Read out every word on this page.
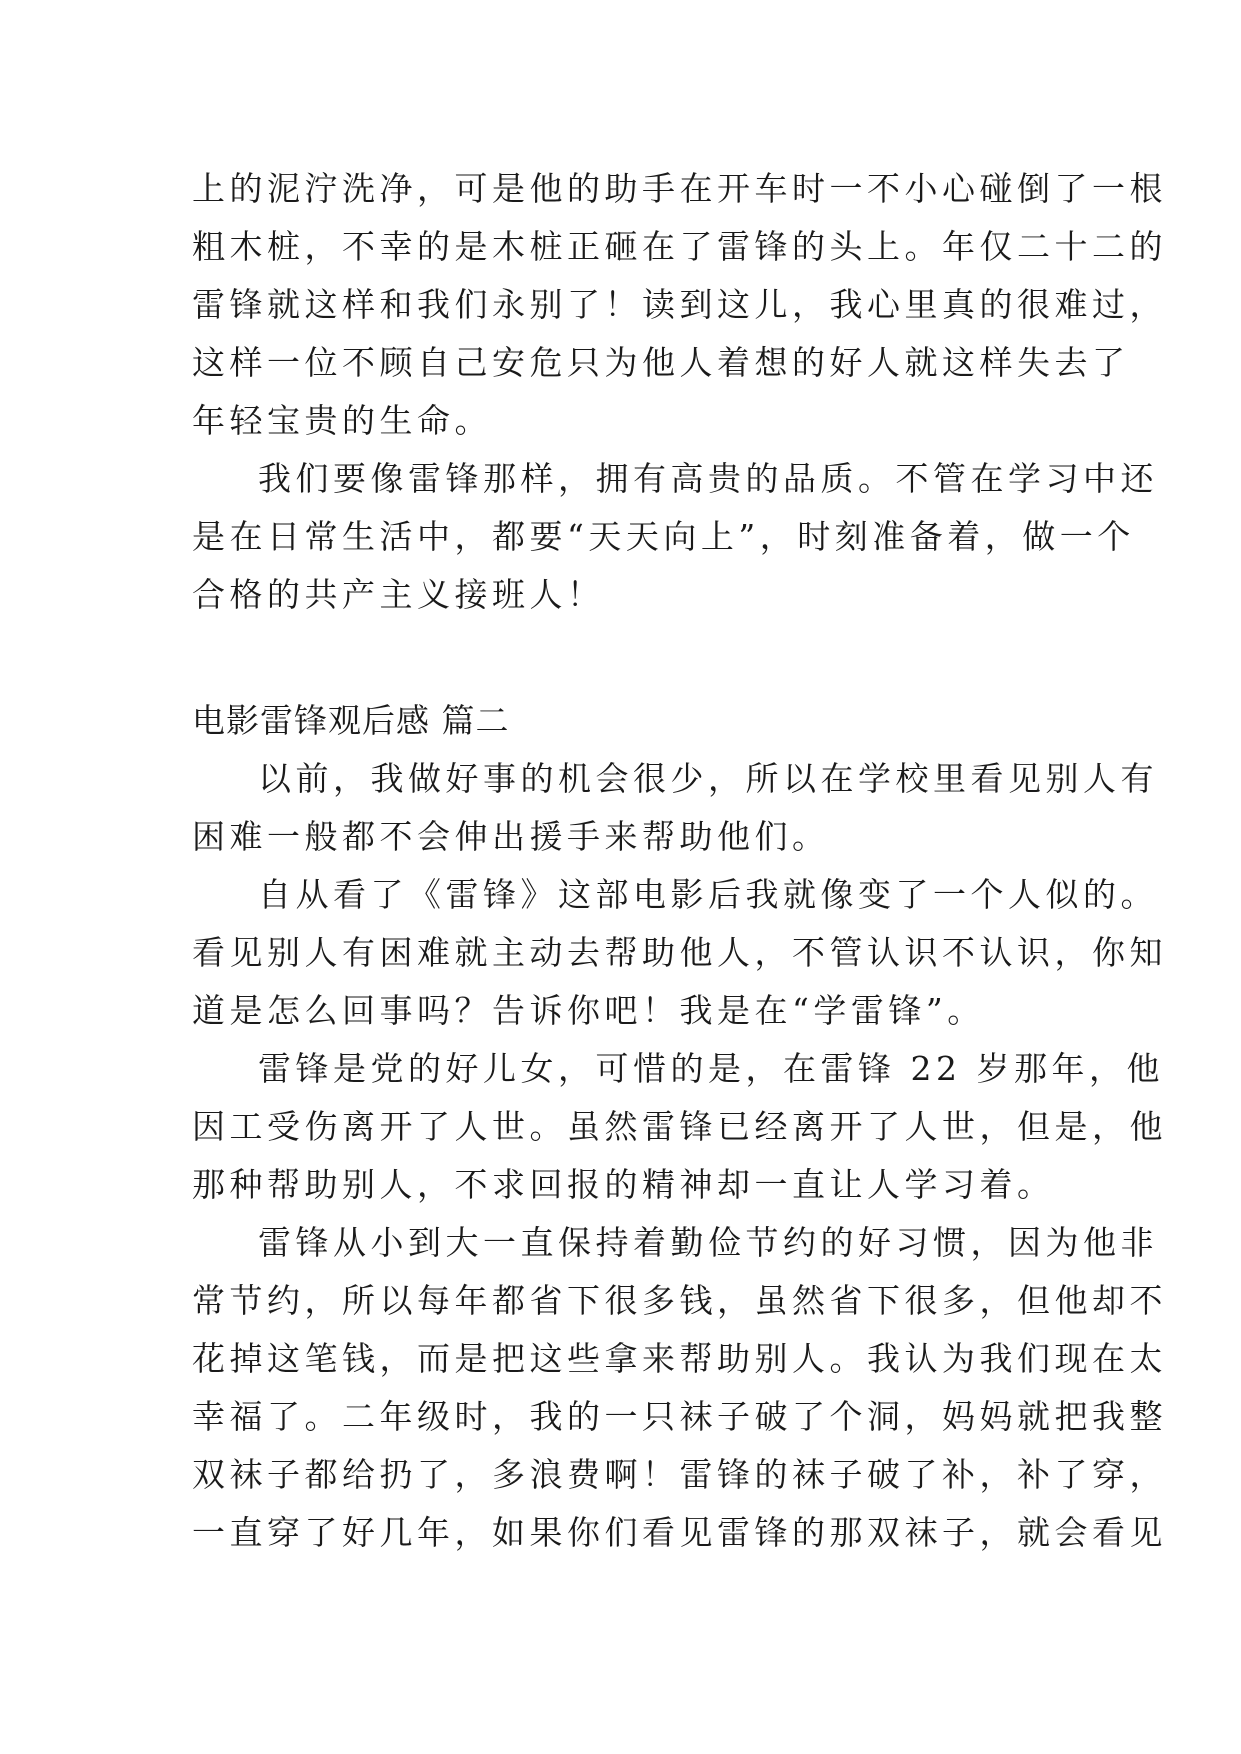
上的泥泞洗净，可是他的助手在开车时一不小心碰倒了一根
粗木桩，不幸的是木桩正砸在了雷锋的头上。年仅二十二的
雷锋就这样和我们永别了！读到这儿，我心里真的很难过，
这样一位不顾自己安危只为他人着想的好人就这样失去了
年轻宝贵的生命。
我们要像雷锋那样，拥有高贵的品质。不管在学习中还
是在日常生活中，都要“天天向上”，时刻准备着，做一个
合格的共产主义接班人！
电影雷锋观后感 篇二
以前，我做好事的机会很少，所以在学校里看见别人有
困难一般都不会伸出援手来帮助他们。
自从看了《雷锋》这部电影后我就像变了一个人似的。
看见别人有困难就主动去帮助他人，不管认识不认识，你知
道是怎么回事吗？告诉你吧！我是在“学雷锋”。
雷锋是党的好儿女，可惜的是，在雷锋 22 岁那年，他
因工受伤离开了人世。虽然雷锋已经离开了人世，但是，他
那种帮助别人，不求回报的精神却一直让人学习着。
雷锋从小到大一直保持着勤俭节约的好习惯，因为他非
常节约，所以每年都省下很多钱，虽然省下很多，但他却不
花掉这笔钱，而是把这些拿来帮助别人。我认为我们现在太
幸福了。二年级时，我的一只袜子破了个洞，妈妈就把我整
双袜子都给扔了，多浪费啊！雷锋的袜子破了补，补了穿，
一直穿了好几年，如果你们看见雷锋的那双袜子，就会看见
